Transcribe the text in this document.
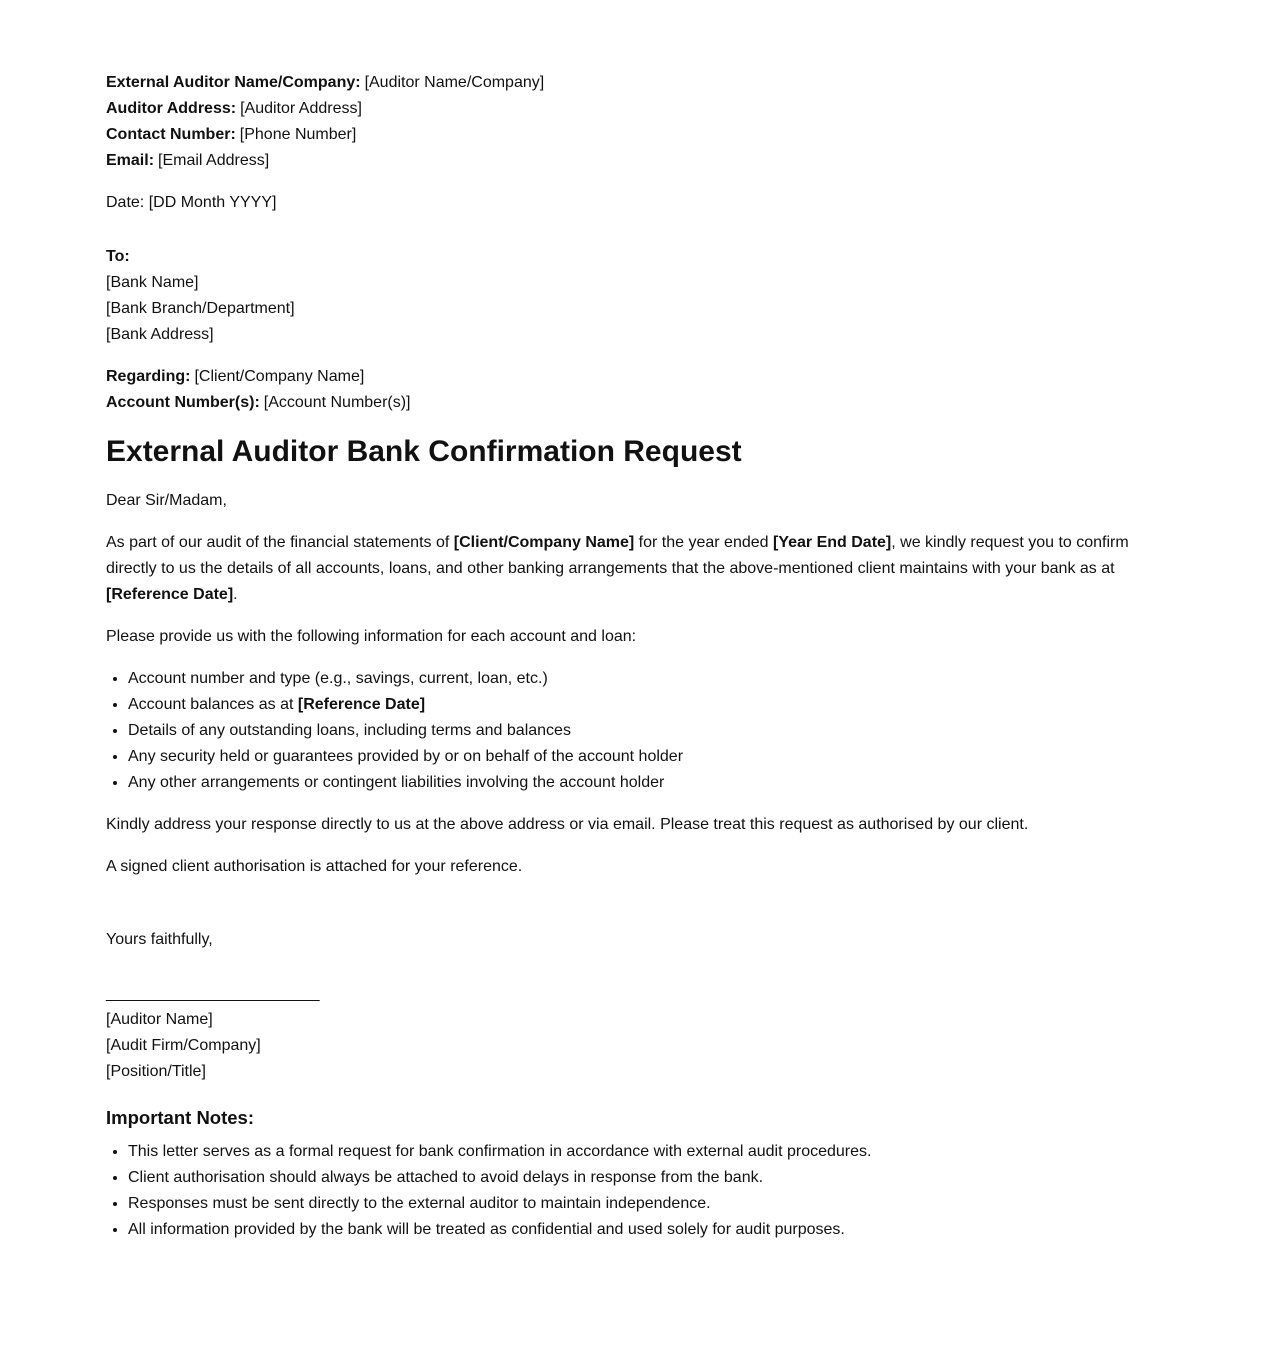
External Auditor Name/Company: [Auditor Name/Company]
Auditor Address: [Auditor Address]
Contact Number: [Phone Number]
Email: [Email Address]

Date: [DD Month YYYY]

To:
[Bank Name]
[Bank Branch/Department]
[Bank Address]

Regarding: [Client/Company Name]
Account Number(s): [Account Number(s)]

External Auditor Bank Confirmation Request

Dear Sir/Madam,

As part of our audit of the financial statements of [Client/Company Name] for the year ended [Year End Date], we kindly request you to confirm directly to us the details of all accounts, loans, and other banking arrangements that the above-mentioned client maintains with your bank as at [Reference Date].

Please provide us with the following information for each account and loan:

• Account number and type (e.g., savings, current, loan, etc.)
• Account balances as at [Reference Date]
• Details of any outstanding loans, including terms and balances
• Any security held or guarantees provided by or on behalf of the account holder
• Any other arrangements or contingent liabilities involving the account holder

Kindly address your response directly to us at the above address or via email. Please treat this request as authorised by our client.

A signed client authorisation is attached for your reference.

Yours faithfully,

________________________
[Auditor Name]
[Audit Firm/Company]
[Position/Title]

Important Notes:
• This letter serves as a formal request for bank confirmation in accordance with external audit procedures.
• Client authorisation should always be attached to avoid delays in response from the bank.
• Responses must be sent directly to the external auditor to maintain independence.
• All information provided by the bank will be treated as confidential and used solely for audit purposes.
